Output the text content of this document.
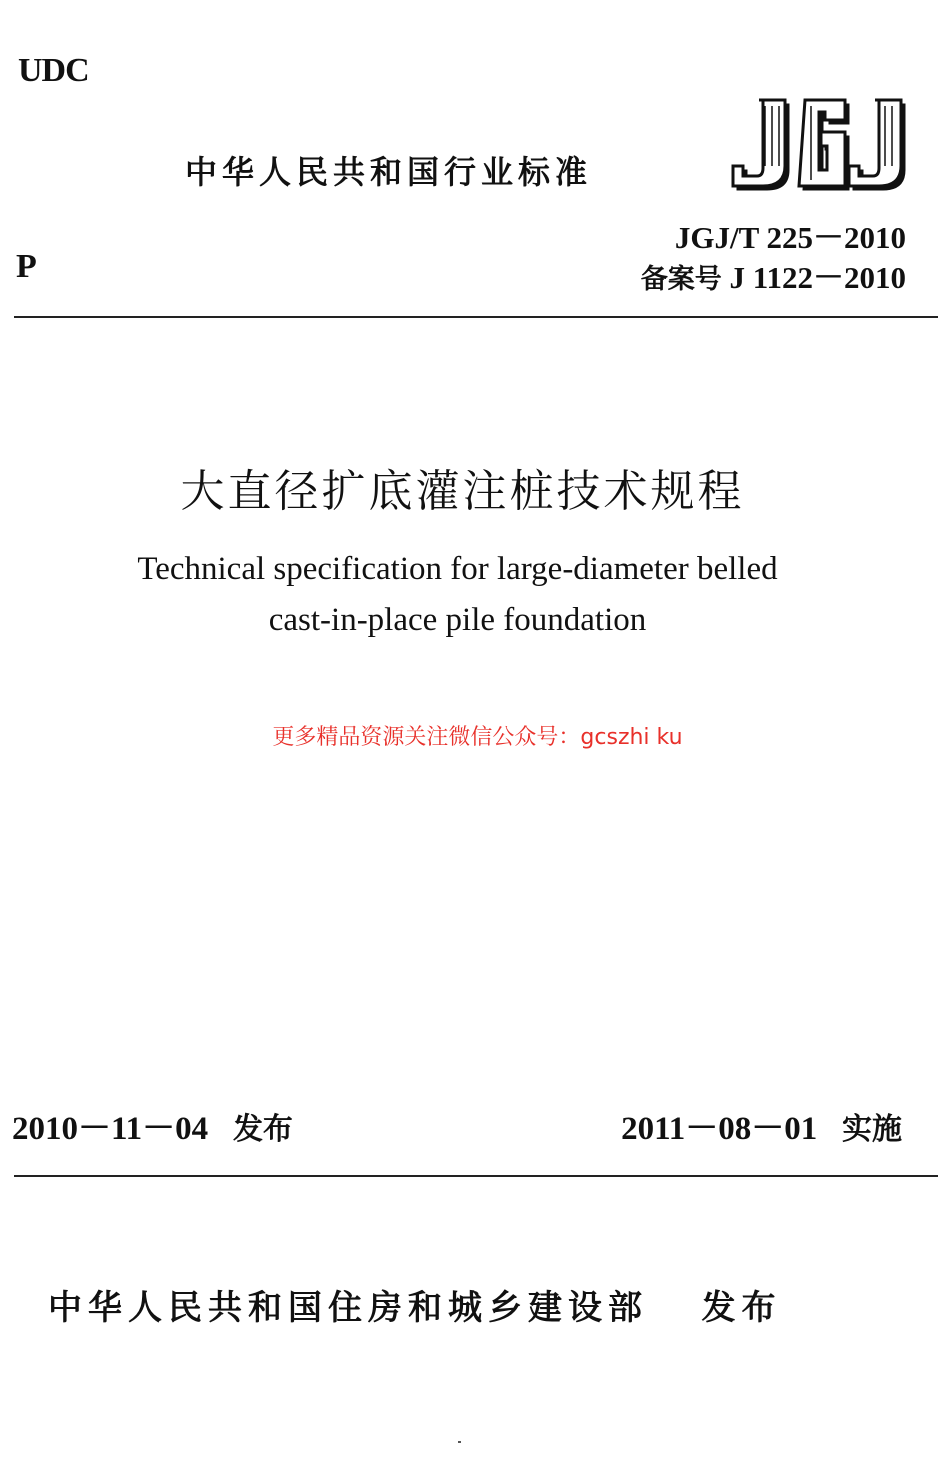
UDC
P
中华人民共和国行业标准
JGJ/T 225－2010
备案号 J 1122－2010
大直径扩底灌注桩技术规程
Technical specification for large-diameter belled
cast-in-place pile foundation
更多精品资源关注微信公众号：gcszhi ku
2010－11－04 发布	2011－08－01 实施
中华人民共和国住房和城乡建设部 发布
